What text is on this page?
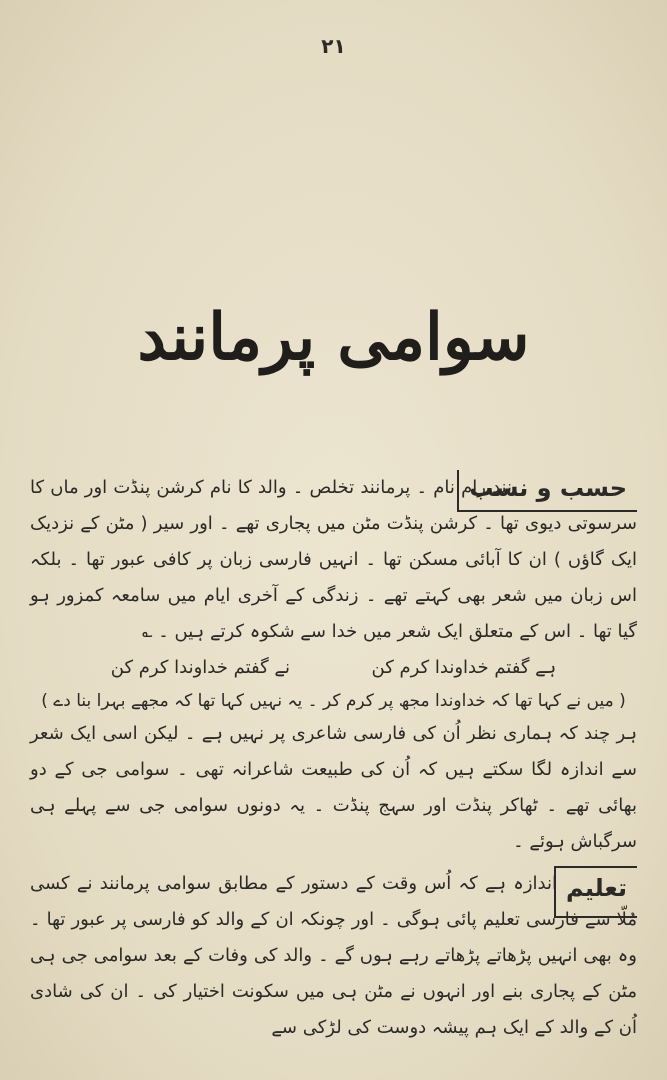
۲۱
سوامی پرمانند
حسب و نسب

نند رام نام ۔ پرمانند تخلص ۔ والد کا نام کرشن پنڈت اور ماں کا سرسوتی دیوی تھا ۔ کرشن پنڈت مٹن میں پجاری تھے ۔ اور سیر ( مٹن کے نزدیک ایک گاؤں ) ان کا آبائی مسکن تھا ۔ انہیں فارسی زبان پر کافی عبور تھا ۔ بلکہ اس زبان میں شعر بھی کہتے تھے ۔ زندگی کے آخری ایام میں سامعہ کمزور ہو گیا تھا ۔ اس کے متعلق ایک شعر میں خدا سے شکوہ کرتے ہیں ۔ ؎

ہے گفتم خداوندا کرم کن
نے گفتم خداوندا کرم کن

( میں نے کہا تھا کہ خداوندا مجھ پر کرم کر ۔ یہ نہیں کہا تھا کہ مجھے بہرا بنا دے )

ہر چند کہ ہماری نظر اُن کی فارسی شاعری پر نہیں ہے ۔ لیکن اسی ایک شعر سے اندازہ لگا سکتے ہیں کہ اُن کی طبیعت شاعرانہ تھی ۔ سوامی جی کے دو بھائی تھے ۔ ٹھاکر پنڈت اور سہج پنڈت ۔ یہ دونوں سوامی جی سے پہلے ہی سرگباش ہوئے ۔

تعلیم

اندازہ ہے کہ اُس وقت کے دستور کے مطابق سوامی پرمانند نے کسی مُلّا سے فارسی تعلیم پائی ہوگی ۔ اور چونکہ ان کے والد کو فارسی پر عبور تھا ۔ وہ بھی انہیں پڑھاتے پڑھاتے رہے ہوں گے ۔ والد کی وفات کے بعد سوامی جی ہی مٹن کے پجاری بنے اور انہوں نے مٹن ہی میں سکونت اختیار کی ۔ ان کی شادی اُن کے والد کے ایک ہم پیشہ دوست کی لڑکی سے
